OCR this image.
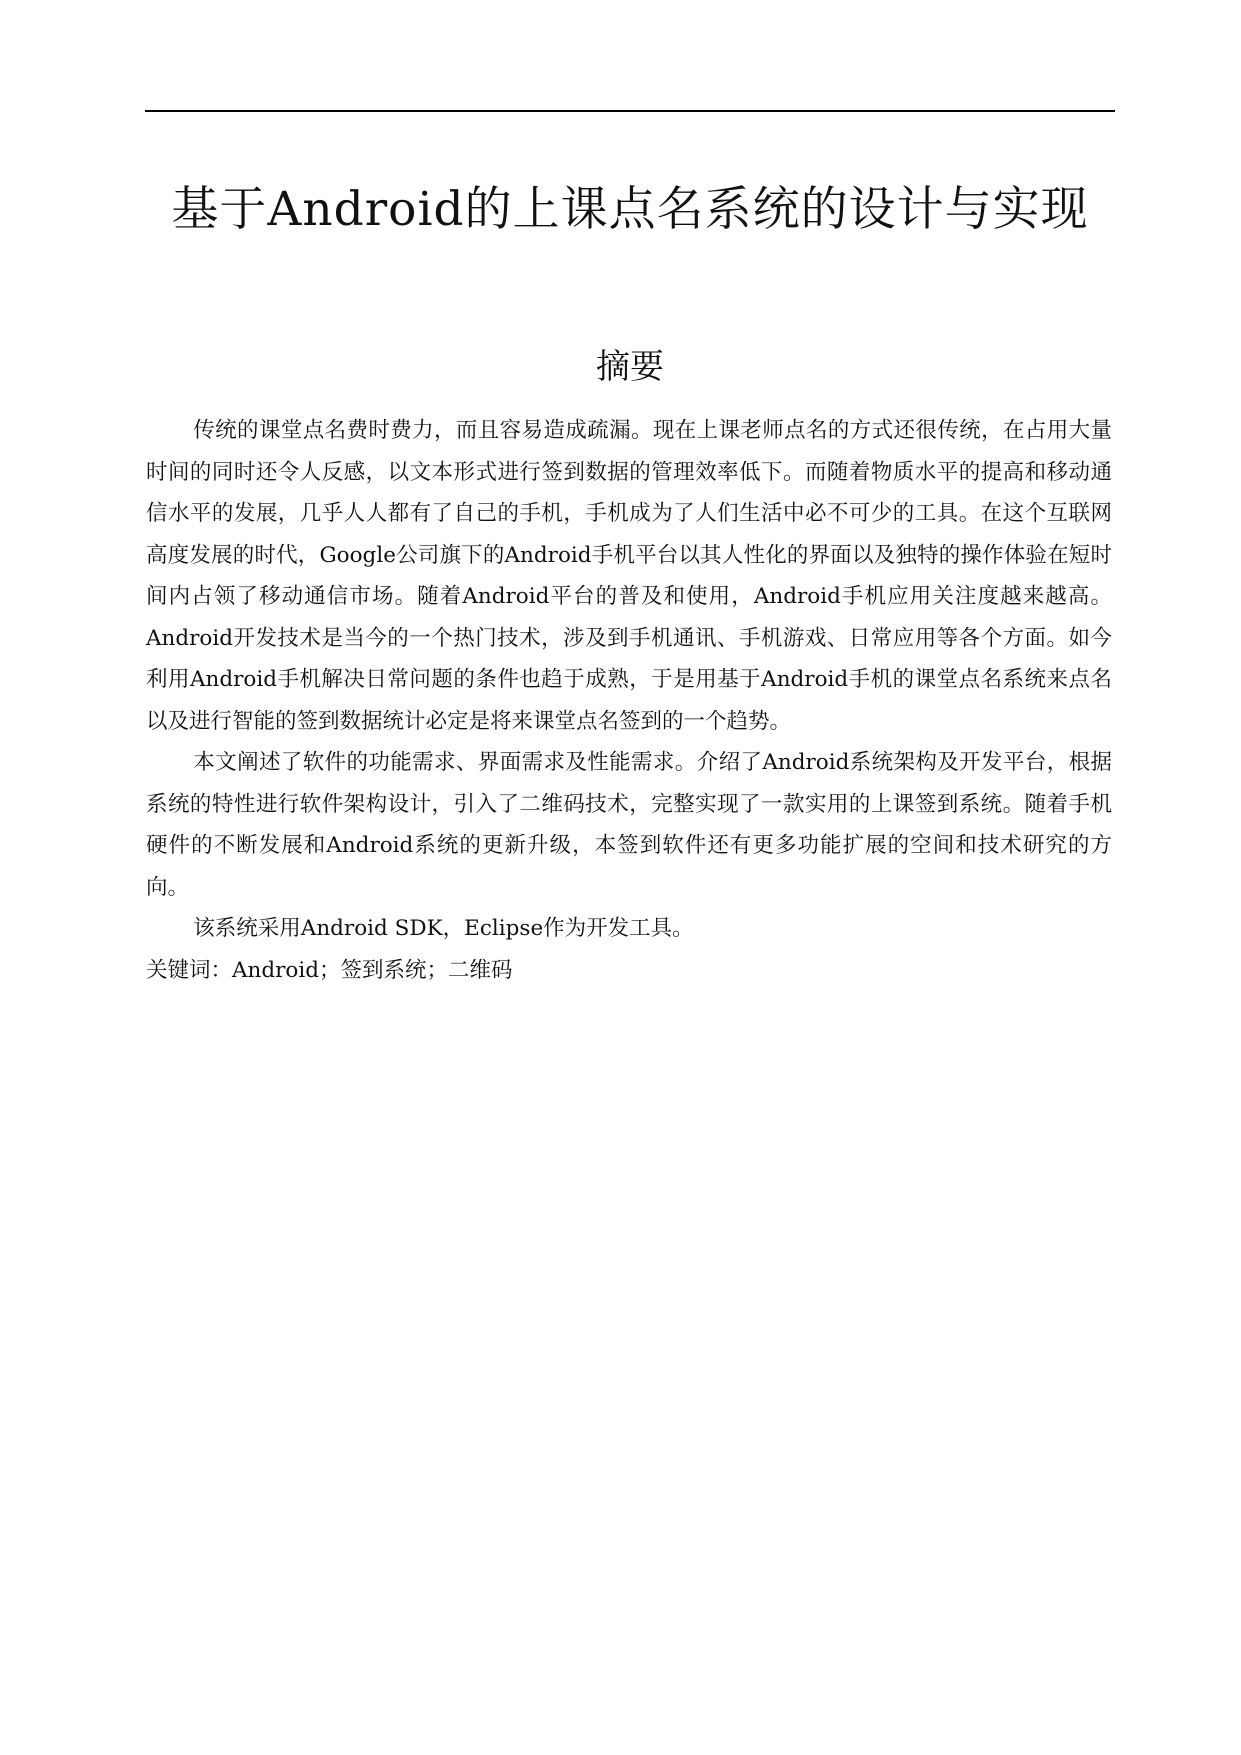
基于Android的上课点名系统的设计与实现
摘要

传统的课堂点名费时费力，而且容易造成疏漏。现在上课老师点名的方式还很传统，在占用大量时间的同时还令人反感，以文本形式进行签到数据的管理效率低下。而随着物质水平的提高和移动通信水平的发展，几乎人人都有了自己的手机，手机成为了人们生活中必不可少的工具。在这个互联网高度发展的时代，Google公司旗下的Android手机平台以其人性化的界面以及独特的操作体验在短时间内占领了移动通信市场。随着Android平台的普及和使用，Android手机应用关注度越来越高。Android开发技术是当今的一个热门技术，涉及到手机通讯、手机游戏、日常应用等各个方面。如今利用Android手机解决日常问题的条件也趋于成熟，于是用基于Android手机的课堂点名系统来点名以及进行智能的签到数据统计必定是将来课堂点名签到的一个趋势。

本文阐述了软件的功能需求、界面需求及性能需求。介绍了Android系统架构及开发平台，根据系统的特性进行软件架构设计，引入了二维码技术，完整实现了一款实用的上课签到系统。随着手机硬件的不断发展和Android系统的更新升级，本签到软件还有更多功能扩展的空间和技术研究的方向。

该系统采用Android SDK，Eclipse作为开发工具。

关键词：Android；签到系统；二维码
